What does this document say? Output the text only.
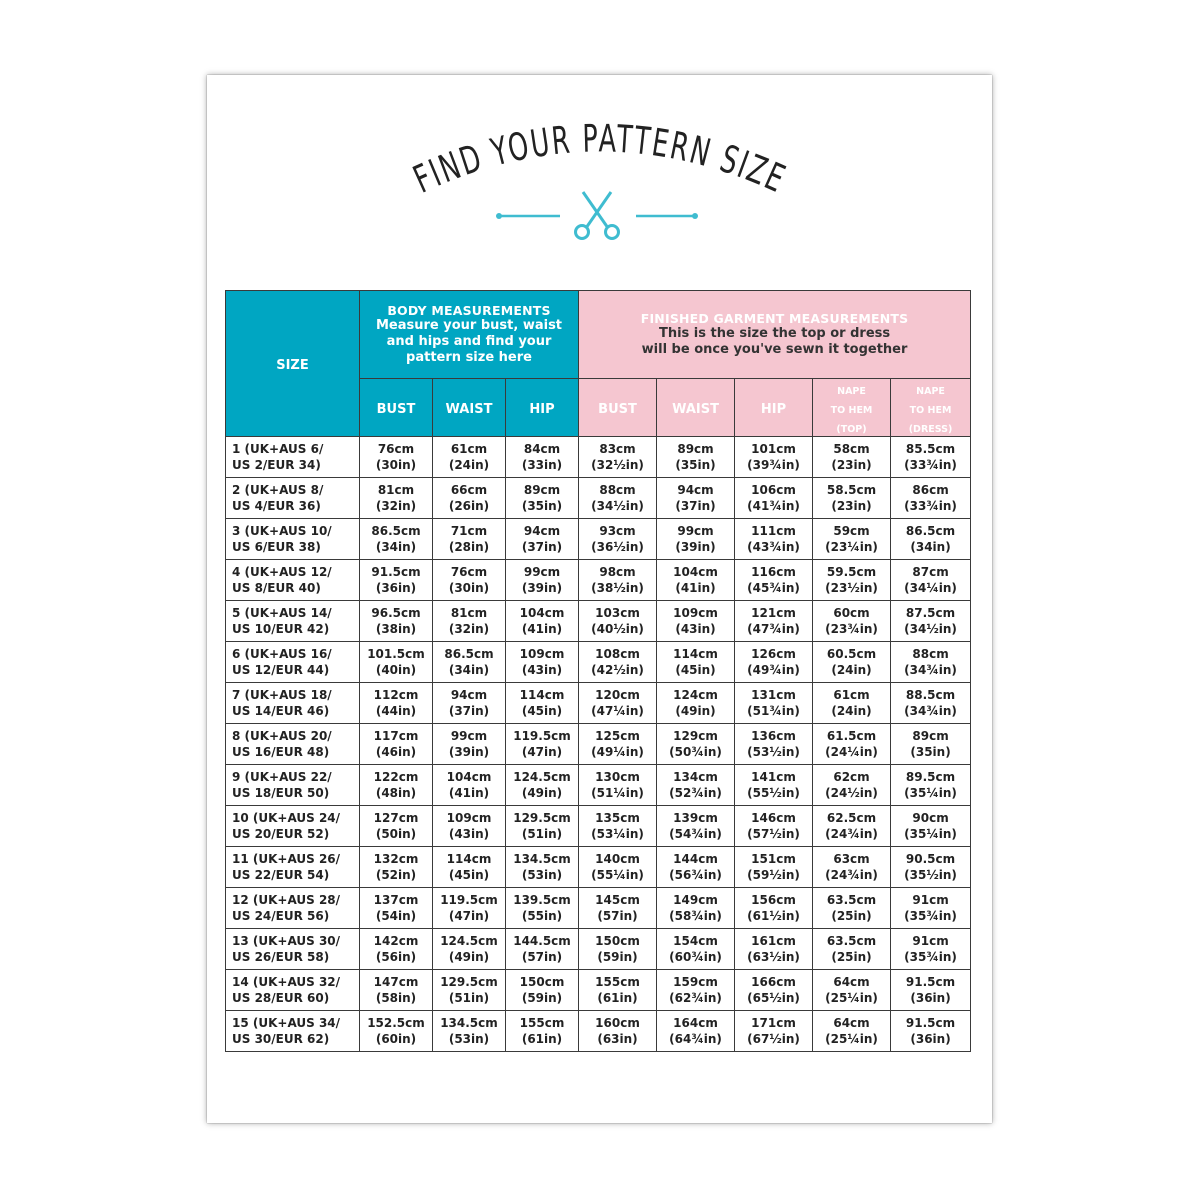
FIND YOUR PATTERN SIZE
SIZE	BODY MEASUREMENTS
Measure your bust, waist
and hips and find your
pattern size here			FINISHED GARMENT MEASUREMENTS
This is the size the top or dress
will be once you've sewn it together				

	BUST	WAIST	HIP	BUST	WAIST	HIP	NAPE
TO HEM
(TOP)	NAPE
TO HEM
(DRESS)
1 (UK+AUS 6/
US 2/EUR 34)	76cm
(30in)	61cm
(24in)	84cm
(33in)	83cm
(32½in)	89cm
(35in)	101cm
(39¾in)	58cm
(23in)	85.5cm
(33¾in)

2 (UK+AUS 8/
US 4/EUR 36)	81cm
(32in)	66cm
(26in)	89cm
(35in)	88cm
(34½in)	94cm
(37in)	106cm
(41¾in)	58.5cm
(23in)	86cm
(33¾in)

3 (UK+AUS 10/
US 6/EUR 38)	86.5cm
(34in)	71cm
(28in)	94cm
(37in)	93cm
(36½in)	99cm
(39in)	111cm
(43¾in)	59cm
(23¼in)	86.5cm
(34in)

4 (UK+AUS 12/
US 8/EUR 40)	91.5cm
(36in)	76cm
(30in)	99cm
(39in)	98cm
(38½in)	104cm
(41in)	116cm
(45¾in)	59.5cm
(23½in)	87cm
(34¼in)

5 (UK+AUS 14/
US 10/EUR 42)	96.5cm
(38in)	81cm
(32in)	104cm
(41in)	103cm
(40½in)	109cm
(43in)	121cm
(47¾in)	60cm
(23¾in)	87.5cm
(34½in)

6 (UK+AUS 16/
US 12/EUR 44)	101.5cm
(40in)	86.5cm
(34in)	109cm
(43in)	108cm
(42½in)	114cm
(45in)	126cm
(49¾in)	60.5cm
(24in)	88cm
(34¾in)

7 (UK+AUS 18/
US 14/EUR 46)	112cm
(44in)	94cm
(37in)	114cm
(45in)	120cm
(47¼in)	124cm
(49in)	131cm
(51¾in)	61cm
(24in)	88.5cm
(34¾in)

8 (UK+AUS 20/
US 16/EUR 48)	117cm
(46in)	99cm
(39in)	119.5cm
(47in)	125cm
(49¼in)	129cm
(50¾in)	136cm
(53½in)	61.5cm
(24¼in)	89cm
(35in)

9 (UK+AUS 22/
US 18/EUR 50)	122cm
(48in)	104cm
(41in)	124.5cm
(49in)	130cm
(51¼in)	134cm
(52¾in)	141cm
(55½in)	62cm
(24½in)	89.5cm
(35¼in)

10 (UK+AUS 24/
US 20/EUR 52)	127cm
(50in)	109cm
(43in)	129.5cm
(51in)	135cm
(53¼in)	139cm
(54¾in)	146cm
(57½in)	62.5cm
(24¾in)	90cm
(35¼in)

11 (UK+AUS 26/
US 22/EUR 54)	132cm
(52in)	114cm
(45in)	134.5cm
(53in)	140cm
(55¼in)	144cm
(56¾in)	151cm
(59½in)	63cm
(24¾in)	90.5cm
(35½in)

12 (UK+AUS 28/
US 24/EUR 56)	137cm
(54in)	119.5cm
(47in)	139.5cm
(55in)	145cm
(57in)	149cm
(58¾in)	156cm
(61½in)	63.5cm
(25in)	91cm
(35¾in)

13 (UK+AUS 30/
US 26/EUR 58)	142cm
(56in)	124.5cm
(49in)	144.5cm
(57in)	150cm
(59in)	154cm
(60¾in)	161cm
(63½in)	63.5cm
(25in)	91cm
(35¾in)

14 (UK+AUS 32/
US 28/EUR 60)	147cm
(58in)	129.5cm
(51in)	150cm
(59in)	155cm
(61in)	159cm
(62¾in)	166cm
(65½in)	64cm
(25¼in)	91.5cm
(36in)

15 (UK+AUS 34/
US 30/EUR 62)	152.5cm
(60in)	134.5cm
(53in)	155cm
(61in)	160cm
(63in)	164cm
(64¾in)	171cm
(67½in)	64cm
(25¼in)	91.5cm
(36in)
